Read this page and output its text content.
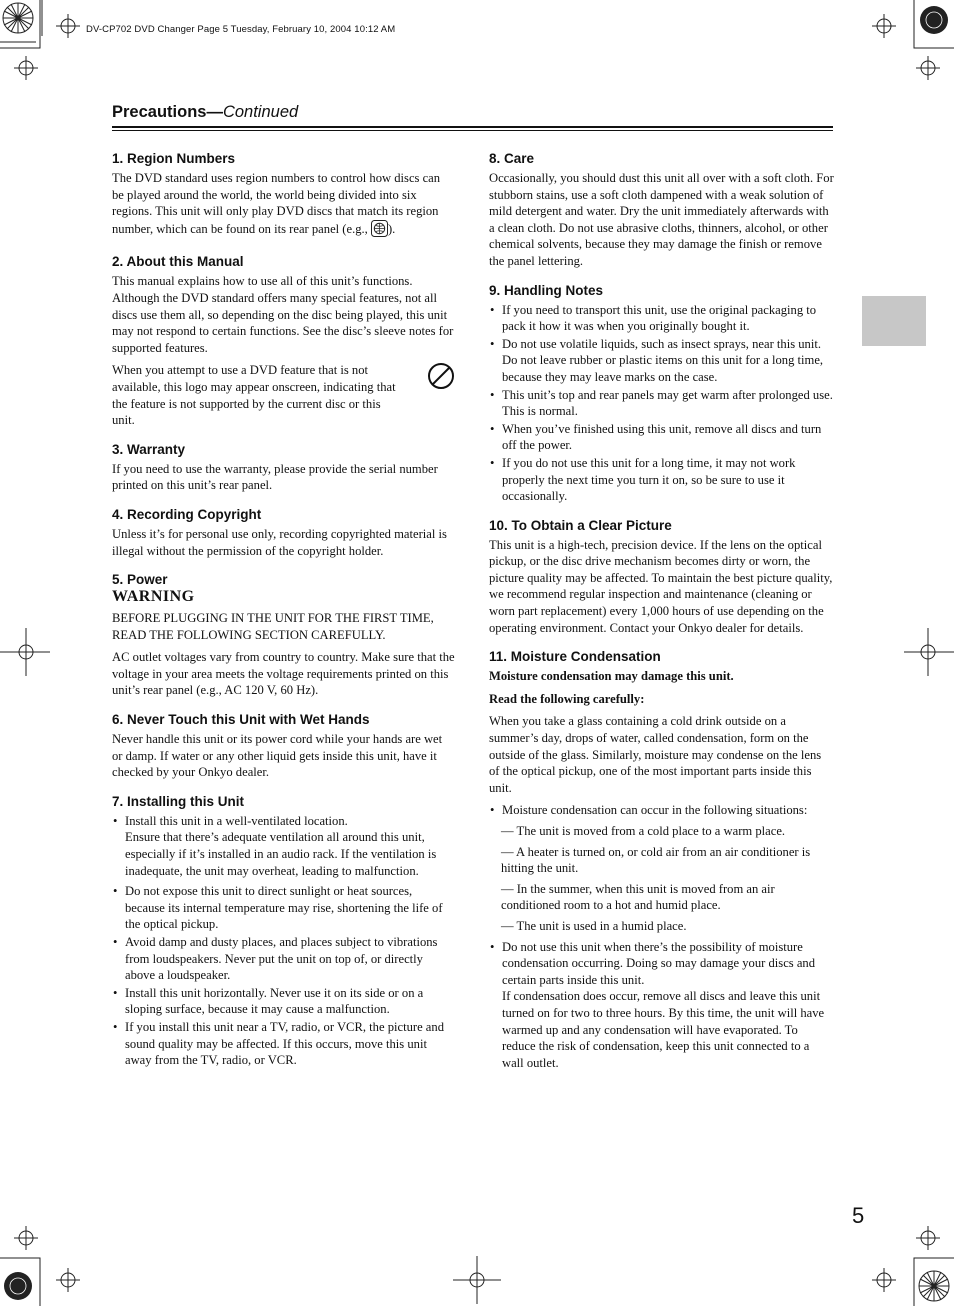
DV-CP702 DVD Changer Page 5 Tuesday, February 10, 2004 10:12 AM
Precautions—Continued
1. Region Numbers

The DVD standard uses region numbers to control how discs can be played around the world, the world being divided into six regions. This unit will only play DVD discs that match its region number, which can be found on its rear panel (e.g., ).

2. About this Manual

This manual explains how to use all of this unit’s functions. Although the DVD standard offers many special features, not all discs use them all, so depending on the disc being played, this unit may not respond to certain functions. See the disc’s sleeve notes for supported features.

When you attempt to use a DVD feature that is not available, this logo may appear onscreen, indicating that the feature is not supported by the current disc or this unit.

3. Warranty

If you need to use the warranty, please provide the serial number printed on this unit’s rear panel.

4. Recording Copyright

Unless it’s for personal use only, recording copyrighted material is illegal without the permission of the copyright holder.

5. Power
WARNING

BEFORE PLUGGING IN THE UNIT FOR THE FIRST TIME, READ THE FOLLOWING SECTION CAREFULLY.

AC outlet voltages vary from country to country. Make sure that the voltage in your area meets the voltage requirements printed on this unit’s rear panel (e.g., AC 120 V, 60 Hz).

6. Never Touch this Unit with Wet Hands

Never handle this unit or its power cord while your hands are wet or damp. If water or any other liquid gets inside this unit, have it checked by your Onkyo dealer.

7. Installing this Unit
• Install this unit in a well-ventilated location.
Ensure that there’s adequate ventilation all around this unit, especially if it’s installed in an audio rack. If the ventilation is inadequate, the unit may overheat, leading to malfunction.
• Do not expose this unit to direct sunlight or heat sources, because its internal temperature may rise, shortening the life of the optical pickup.
• Avoid damp and dusty places, and places subject to vibrations from loudspeakers. Never put the unit on top of, or directly above a loudspeaker.
• Install this unit horizontally. Never use it on its side or on a sloping surface, because it may cause a malfunction.
• If you install this unit near a TV, radio, or VCR, the picture and sound quality may be affected. If this occurs, move this unit away from the TV, radio, or VCR.
8. Care

Occasionally, you should dust this unit all over with a soft cloth. For stubborn stains, use a soft cloth dampened with a weak solution of mild detergent and water. Dry the unit immediately afterwards with a clean cloth. Do not use abrasive cloths, thinners, alcohol, or other chemical solvents, because they may damage the finish or remove the panel lettering.

9. Handling Notes
• If you need to transport this unit, use the original packaging to pack it how it was when you originally bought it.
• Do not use volatile liquids, such as insect sprays, near this unit. Do not leave rubber or plastic items on this unit for a long time, because they may leave marks on the case.
• This unit’s top and rear panels may get warm after prolonged use. This is normal.
• When you’ve finished using this unit, remove all discs and turn off the power.
• If you do not use this unit for a long time, it may not work properly the next time you turn it on, so be sure to use it occasionally.
10. To Obtain a Clear Picture

This unit is a high-tech, precision device. If the lens on the optical pickup, or the disc drive mechanism becomes dirty or worn, the picture quality may be affected. To maintain the best picture quality, we recommend regular inspection and maintenance (cleaning or worn part replacement) every 1,000 hours of use depending on the operating environment. Contact your Onkyo dealer for details.

11. Moisture Condensation

Moisture condensation may damage this unit.

Read the following carefully:

When you take a glass containing a cold drink outside on a summer’s day, drops of water, called condensation, form on the outside of the glass. Similarly, moisture may condense on the lens of the optical pickup, one of the most important parts inside this unit.

• Moisture condensation can occur in the following situations:

— The unit is moved from a cold place to a warm place.

— A heater is turned on, or cold air from an air conditioner is hitting the unit.

— In the summer, when this unit is moved from an air conditioned room to a hot and humid place.

— The unit is used in a humid place.

• Do not use this unit when there’s the possibility of moisture condensation occurring. Doing so may damage your discs and certain parts inside this unit.
If condensation does occur, remove all discs and leave this unit turned on for two to three hours. By this time, the unit will have warmed up and any condensation will have evaporated. To reduce the risk of condensation, keep this unit connected to a wall outlet.
5
